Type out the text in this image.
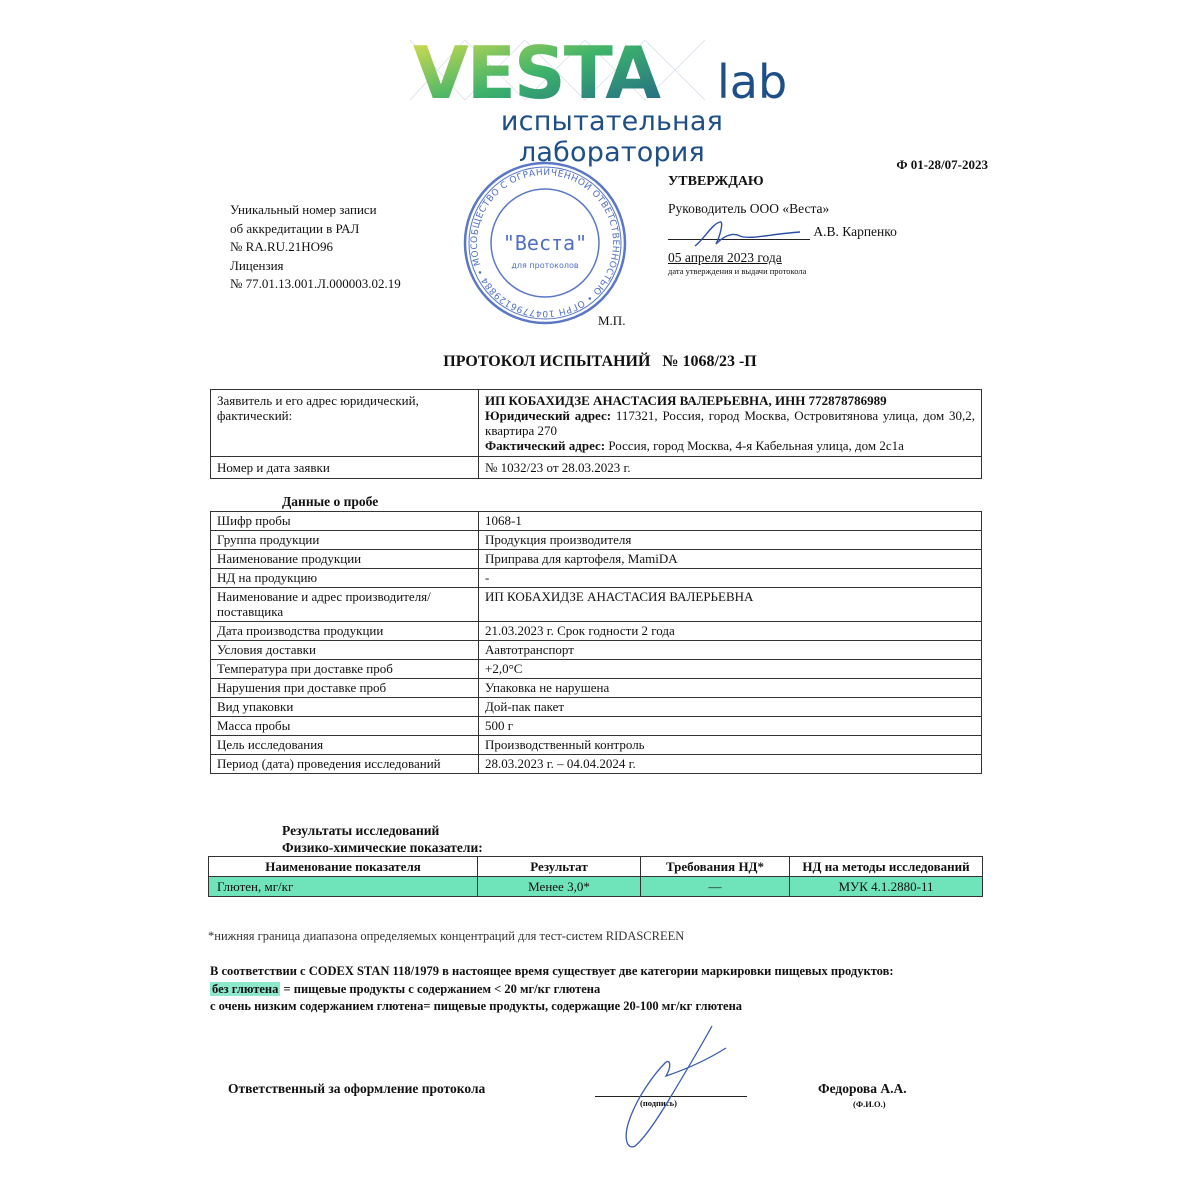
VESTA lab
испытательная лаборатория	Ф 01-28/07-2023
Уникальный номер записи
об аккредитации в РАЛ
№ RA.RU.21НО96
Лицензия
№ 77.01.13.001.Л.000003.02.19
ОБЩЕСТВО С ОГРАНИЧЕННОЙ ОТВЕТСТВЕННОСТЬЮ • ОГРН 1047796129884 • МОС	"Веста"
для протоколов
М.П.
УТВЕРЖДАЮ
Руководитель ООО «Веста»
А.В. Карпенко
05 апреля 2023 года
дата утверждения и выдачи протокола
ПРОТОКОЛ ИСПЫТАНИЙ   № 1068/23 -П
Заявитель и его адрес юридический, фактический:	ИП КОБАХИДЗЕ АНАСТАСИЯ ВАЛЕРЬЕВНА, ИНН 772878786989
Юридический адрес: 117321, Россия, город Москва, Островитянова улица, дом 30,2, квартира 270
Фактический адрес: Россия, город Москва, 4-я Кабельная улица, дом 2с1а
Номер и дата заявки	№ 1032/23 от 28.03.2023 г.
Данные о пробе
Шифр пробы	1068-1
Группа продукции	Продукция производителя
Наименование продукции	Приправа для картофеля, MamiDA
НД на продукцию	-
Наименование и адрес производителя/ поставщика	ИП КОБАХИДЗЕ АНАСТАСИЯ ВАЛЕРЬЕВНА
Дата производства продукции	21.03.2023 г. Срок годности 2 года
Условия доставки	Аавтотранспорт
Температура при доставке проб	+2,0°С
Нарушения при доставке проб	Упаковка не нарушена
Вид упаковки	Дой-пак пакет
Масса пробы	500 г
Цель исследования	Производственный контроль
Период (дата) проведения исследований	28.03.2023 г. – 04.04.2024 г.
Результаты исследований
Физико-химические показатели:
Наименование показателя	Результат	Требования НД*	НД на методы исследований
Глютен, мг/кг	Менее 3,0*	—	МУК 4.1.2880-11
*нижняя граница диапазона определяемых концентраций для тест-систем RIDASCREEN
В соответствии с CODEX STAN 118/1979 в настоящее время существует две категории маркировки пищевых продуктов:
без глютена = пищевые продукты с содержанием < 20 мг/кг глютена
с очень низким содержанием глютена= пищевые продукты, содержащие 20-100 мг/кг глютена
Ответственный за оформление протокола
(подпись)
Федорова А.А.
(Ф.И.О.)
